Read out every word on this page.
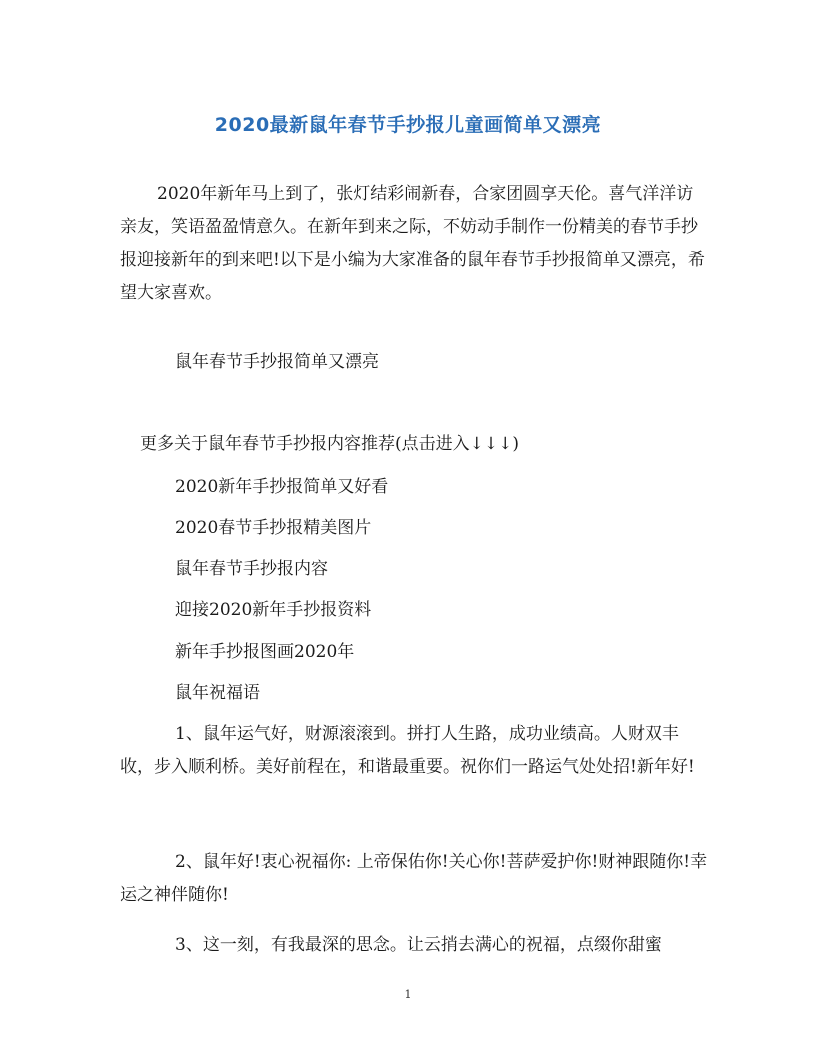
2020最新鼠年春节手抄报儿童画简单又漂亮
2020年新年马上到了，张灯结彩闹新春，合家团圆享天伦。喜气洋洋访亲友，笑语盈盈情意久。在新年到来之际，不妨动手制作一份精美的春节手抄报迎接新年的到来吧!以下是小编为大家准备的鼠年春节手抄报简单又漂亮，希望大家喜欢。
鼠年春节手抄报简单又漂亮
更多关于鼠年春节手抄报内容推荐(点击进入↓↓↓)
2020新年手抄报简单又好看
2020春节手抄报精美图片
鼠年春节手抄报内容
迎接2020新年手抄报资料
新年手抄报图画2020年
鼠年祝福语
1、鼠年运气好，财源滚滚到。拼打人生路，成功业绩高。人财双丰收，步入顺利桥。美好前程在，和谐最重要。祝你们一路运气处处招!新年好!
2、鼠年好!衷心祝福你: 上帝保佑你!关心你!菩萨爱护你!财神跟随你!幸运之神伴随你!
3、这一刻，有我最深的思念。让云捎去满心的祝福，点缀你甜蜜
1
